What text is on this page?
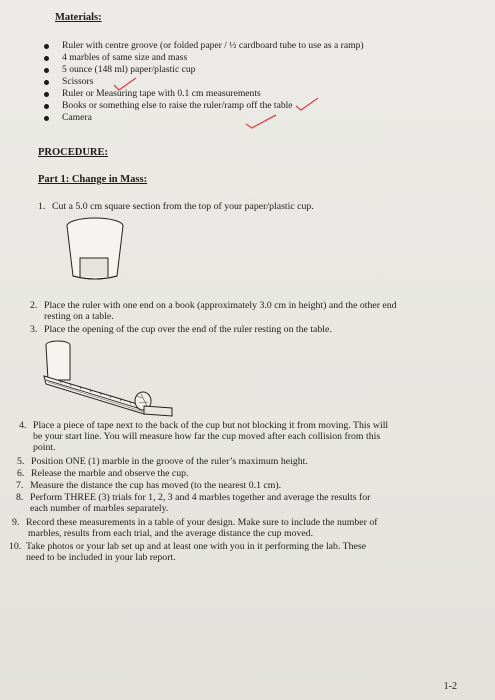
Materials:
Ruler with centre groove (or folded paper / ½ cardboard tube to use as a ramp)
4 marbles of same size and mass
5 ounce (148 ml) paper/plastic cup
Scissors
Ruler or Measuring tape with 0.1 cm measurements
Books or something else to raise the ruler/ramp off the table
Camera
PROCEDURE:
Part 1: Change in Mass:
1. Cut a 5.0 cm square section from the top of your paper/plastic cup.
2. Place the ruler with one end on a book (approximately 3.0 cm in height) and the other end
resting on a table.
3. Place the opening of the cup over the end of the ruler resting on the table.
4. Place a piece of tape next to the back of the cup but not blocking it from moving. This will
be your start line. You will measure how far the cup moved after each collision from this
point.
5. Position ONE (1) marble in the groove of the ruler’s maximum height.
6. Release the marble and observe the cup.
7. Measure the distance the cup has moved (to the nearest 0.1 cm).
8. Perform THREE (3) trials for 1, 2, 3 and 4 marbles together and average the results for
each number of marbles separately.
9. Record these measurements in a table of your design. Make sure to include the number of
marbles, results from each trial, and the average distance the cup moved.
10. Take photos or your lab set up and at least one with you in it performing the lab. These
need to be included in your lab report.
1-2
